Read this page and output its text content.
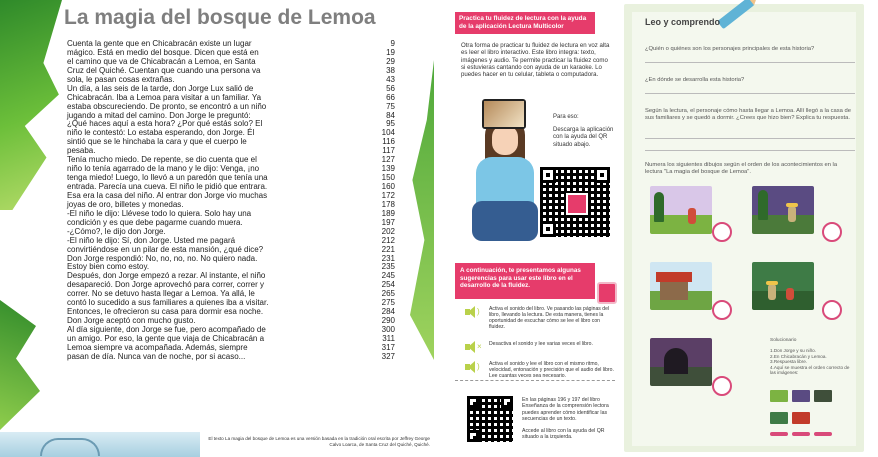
La magia del bosque de Lemoa
Cuenta la gente que en Chicabracán existe un lugar	9
mágico. Está en medio del bosque. Dicen que está en	19
el camino que va de Chicabracán a Lemoa, en Santa	29
Cruz del Quiché. Cuentan que cuando una persona va	38
sola, le pasan cosas extrañas.	43
Un día, a las seis de la tarde, don Jorge Lux salió de	56
Chicabracán. Iba a Lemoa para visitar a un familiar. Ya	66
estaba obscureciendo. De pronto, se encontró a un niño	75
jugando a mitad del camino. Don Jorge le preguntó:	84
¿Qué haces aquí a esta hora? ¿Por qué estás solo? El	95
niño le contestó: Lo estaba esperando, don Jorge. Él	104
sintió que se le hinchaba la cara y que el cuerpo le	116
pesaba.	117
Tenía mucho miedo. De repente, se dio cuenta que el	127
niño lo tenía agarrado de la mano y le dijo: Venga, ¡no	139
tenga miedo! Luego, lo llevó a un paredón que tenía una	150
entrada. Parecía una cueva. El niño le pidió que entrara.	160
Esa era la casa del niño. Al entrar don Jorge vio muchas	172
joyas de oro, billetes y monedas.	178
-El niño le dijo: Llévese todo lo quiera. Solo hay una	189
condición y es que debe pagarme cuando muera.	197
-¿Cómo?, le dijo don Jorge.	202
-El niño le dijo: Sí, don Jorge. Usted me pagará	212
convirtiéndose en un pilar de esta mansión, ¿qué dice?	221
Don Jorge respondió: No, no, no, no. No quiero nada.	231
Estoy bien como estoy.	235
Después, don Jorge empezó a rezar. Al instante, el niño	245
desapareció. Don Jorge aprovechó para correr, correr y	254
correr. No se detuvo hasta llegar a Lemoa. Ya allá, le	265
contó lo sucedido a sus familiares a quienes iba a visitar.	275
Entonces, le ofrecieron su casa para dormir esa noche.	284
Don Jorge aceptó con mucho gusto.	290
Al día siguiente, don Jorge se fue, pero acompañado de	300
un amigo. Por eso, la gente que viaja de Chicabracán a	311
Lemoa siempre va acompañada. Además, siempre	317
pasan de día. Nunca van de noche, por si acaso...	327
El texto La magia del bosque de Lemoa es una versión basada en la tradición oral escrita por Jeffrey George Calvo Loarca, de Santa Cruz del Quiché, Quiché.
Practica tu fluidez de lectura con la ayuda de la aplicación Lectura Multicolor
Otra forma de practicar tu fluidez de lectura en voz alta es leer el libro interactivo. Este libro integra: texto, imágenes y audio. Te permite practicar la fluidez como si estuvieras cantando con ayuda de un karaoke. Lo puedes hacer en tu celular, tableta o computadora.
Para eso:
Descarga la aplicación con la ayuda del QR situado abajo.
A continuación, te presentamos algunas sugerencias para usar este libro en el desarrollo de la fluidez.
) Activa el sonido del libro. Ve pasando las páginas del libro, llevando la lectura. De esta manera, tienes la oportunidad de escuchar cómo se lee el libro con fluidez.
× Desactiva el sonido y lee varias veces el libro.
) Activa el sonido y lee el libro con el mismo ritmo, velocidad, entonación y precisión que el audio del libro. Lee cuantas veces sea necesario.
En las páginas 196 y 197 del libro Enseñanza de la comprensión lectora puedes aprender cómo identificar las secuencias de un texto.
Accede al libro con la ayuda del QR situado a la izquierda.
Leo y comprendo
¿Quién o quiénes son los personajes principales de esta historia?
¿En dónde se desarrolla esta historia?
Según la lectura, el personaje cómo hasta llegar a Lemoa. Allí llegó a la casa de sus familiares y se quedó a dormir. ¿Crees que hizo bien? Explica tu respuesta.
Numera los siguientes dibujos según el orden de los acontecimientos en la lectura "La magia del bosque de Lemoa".
Solucionario
1.Don Jorge y su niño.
2.En Chicabracán y Lemoa.
3.Respuesta libre.
4.Aquí se muestra el orden correcto de las imágenes:
